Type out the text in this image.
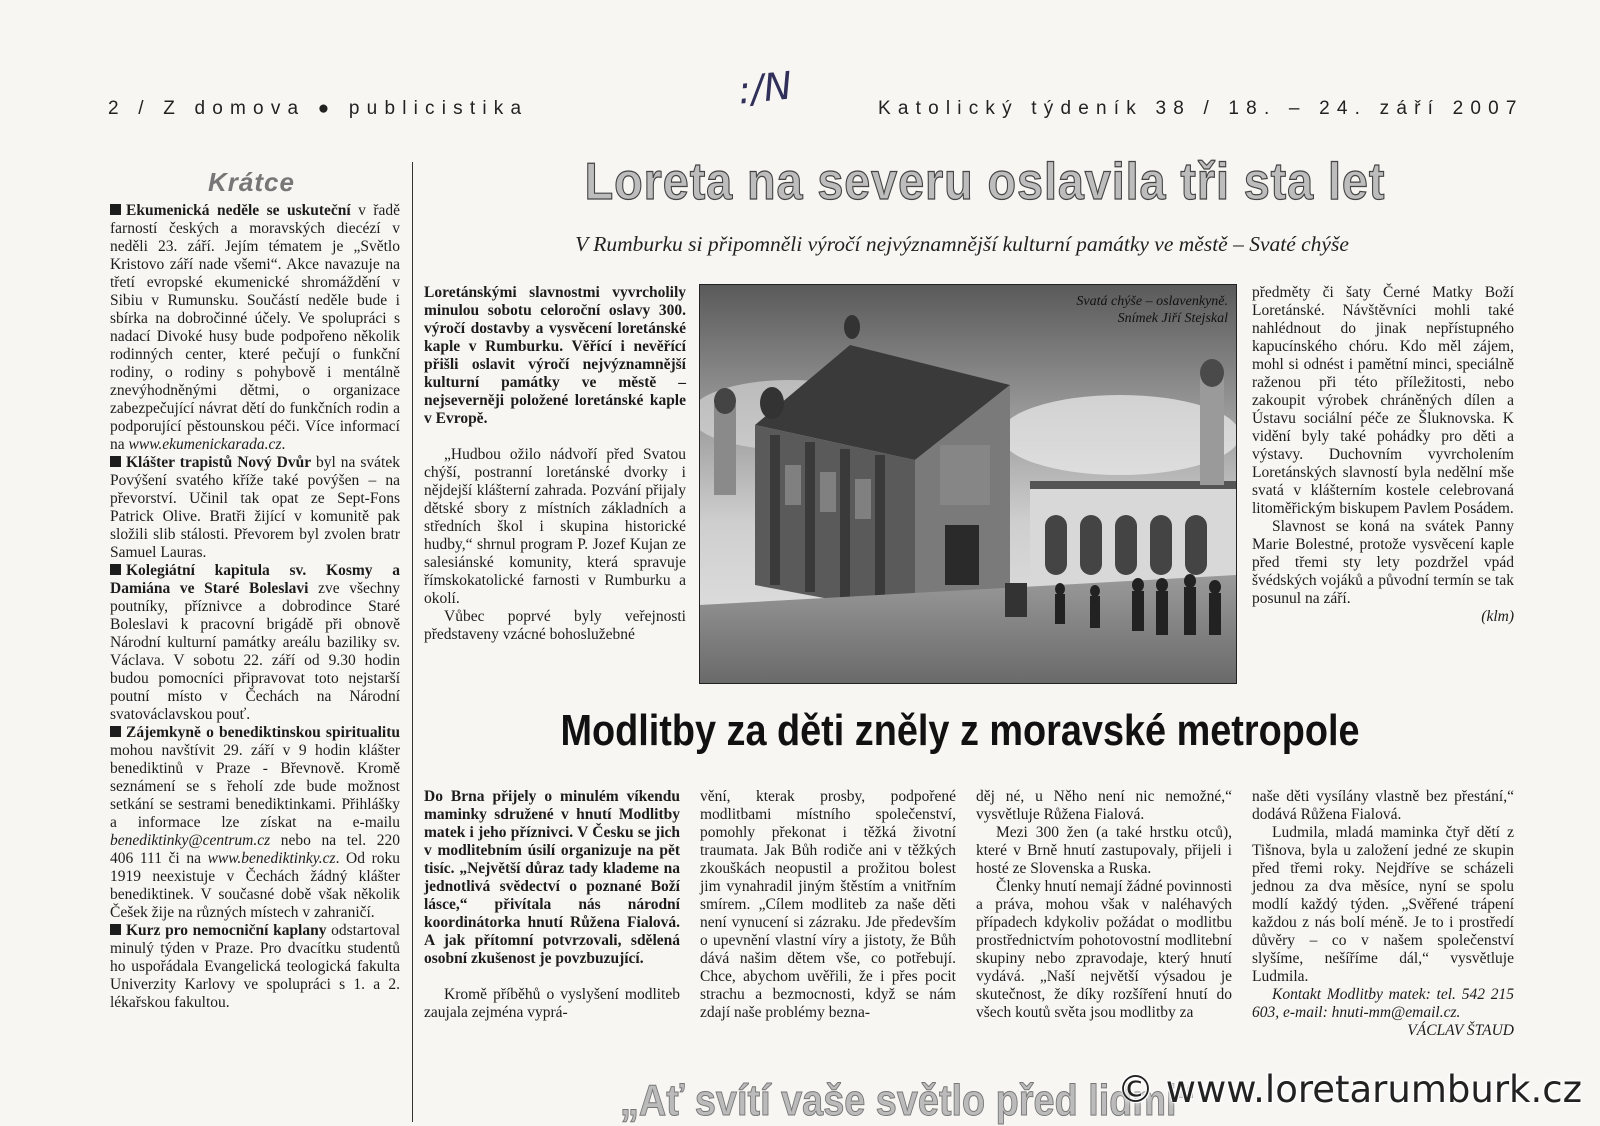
2 / Z domova ● publicistika	:/N	Katolický týdeník 38 / 18. – 24. září 2007
Krátce

Ekumenická neděle se uskuteční v řadě farností českých a moravských diecézí v neděli 23. září. Jejím tématem je „Světlo Kristovo září nade všemi“. Akce navazuje na třetí evropské ekumenické shromáždění v Sibiu v Rumunsku. Součástí neděle bude i sbírka na dobročinné účely. Ve spolupráci s nadací Divoké husy bude podpořeno několik rodinných center, které pečují o funkční rodiny, o rodiny s pohybově i mentálně znevýhodněnými dětmi, o organizace zabezpečující návrat dětí do funkčních rodin a podporující pěstounskou péči. Více informací na www.ekumenickarada.cz.

Klášter trapistů Nový Dvůr byl na svátek Povýšení svatého kříže také povýšen – na převorství. Učinil tak opat ze Sept-Fons Patrick Olive. Bratři žijící v komunitě pak složili slib stálosti. Převorem byl zvolen bratr Samuel Lauras.

Kolegiátní kapitula sv. Kosmy a Damiána ve Staré Boleslavi zve všechny poutníky, příznivce a dobrodince Staré Boleslavi k pracovní brigádě při obnově Národní kulturní památky areálu baziliky sv. Václava. V sobotu 22. září od 9.30 hodin budou pomocníci připravovat toto nejstarší poutní místo v Čechách na Národní svatováclavskou pouť.

Zájemkyně o benediktinskou spiritualitu mohou navštívit 29. září v 9 hodin klášter benediktinů v Praze - Břevnově. Kromě seznámení se s řeholí zde bude možnost setkání se sestrami benediktinkami. Přihlášky a informace lze získat na e-mailu benediktinky@centrum.cz nebo na tel. 220 406 111 či na www.benediktinky.cz. Od roku 1919 neexistuje v Čechách žádný klášter benediktinek. V současné době však několik Češek žije na různých místech v zahraničí.

Kurz pro nemocniční kaplany odstartoval minulý týden v Praze. Pro dvacítku studentů ho uspořádala Evangelická teologická fakulta Univerzity Karlovy ve spolupráci s 1. a 2. lékařskou fakultou.

Loreta na severu oslavila tři sta let
V Rumburku si připomněli výročí nejvýznamnější kulturní památky ve městě – Svaté chýše

Loretánskými slavnostmi vyvrcholily minulou sobotu celoroční oslavy 300. výročí dostavby a vysvěcení loretánské kaple v Rumburku. Věřící i nevěřící přišli oslavit výročí nejvýznamnější kulturní památky ve městě – nejseverněji položené loretánské kaple v Evropě.

„Hudbou ožilo nádvoří před Svatou chýší, postranní loretánské dvorky i nějdejší klášterní zahrada. Pozvání přijaly dětské sbory z místních základních a středních škol i skupina historické hudby,“ shrnul program P. Jozef Kujan ze salesiánské komunity, která spravuje římskokatolické farnosti v Rumburku a okolí.

Vůbec poprvé byly veřejnosti představeny vzácné bohoslužebné

Svatá chýše – oslavenkyně.
Snímek Jiří Stejskal

předměty či šaty Černé Matky Boží Loretánské. Návštěvníci mohli také nahlédnout do jinak nepřístupného kapucínského chóru. Kdo měl zájem, mohl si odnést i pamětní minci, speciálně raženou při této příležitosti, nebo zakoupit výrobek chráněných dílen a Ústavu sociální péče ze Šluknovska. K vidění byly také pohádky pro děti a výstavy. Duchovním vyvrcholením Loretánských slavností byla nedělní mše svatá v klášterním kostele celebrovaná litoměřickým biskupem Pavlem Posádem.

Slavnost se koná na svátek Panny Marie Bolestné, protože vysvěcení kaple před třemi sty lety pozdržel vpád švédských vojáků a původní termín se tak posunul na září.

(klm)

Modlitby za děti zněly z moravské metropole

Do Brna přijely o minulém víkendu maminky sdružené v hnutí Modlitby matek i jeho příznivci. V Česku se jich v modlitebním úsilí organizuje na pět tisíc. „Největší důraz tady klademe na jednotlivá svědectví o poznané Boží lásce,“ přivítala nás národní koordinátorka hnutí Růžena Fialová. A jak přítomní potvrzovali, sdělená osobní zkušenost je povzbuzující.

Kromě příběhů o vyslyšení modliteb zaujala zejména vyprá-

vění, kterak prosby, podpořené modlitbami místního společenství, pomohly překonat i těžká životní traumata. Jak Bůh rodiče ani v těžkých zkouškách neopustil a prožitou bolest jim vynahradil jiným štěstím a vnitřním smírem. „Cílem modliteb za naše děti není vynucení si zázraku. Jde především o upevnění vlastní víry a jistoty, že Bůh dává našim dětem vše, co potřebují. Chce, abychom uvěřili, že i přes pocit strachu a bezmocnosti, když se nám zdají naše problémy bezna-

děj né, u Něho není nic nemožné,“ vysvětluje Růžena Fialová.

Mezi 300 žen (a také hrstku otců), které v Brně hnutí zastupovaly, přijeli i hosté ze Slovenska a Ruska.

Členky hnutí nemají žádné povinnosti a práva, mohou však v naléhavých případech kdykoliv požádat o modlitbu prostřednictvím pohotovostní modlitební skupiny nebo zpravodaje, který hnutí vydává. „Naší největší výsadou je skutečnost, že díky rozšíření hnutí do všech koutů světa jsou modlitby za

naše děti vysílány vlastně bez přestání,“ dodává Růžena Fialová.

Ludmila, mladá maminka čtyř dětí z Tišnova, byla u založení jedné ze skupin před třemi roky. Nejdříve se scházeli jednou za dva měsíce, nyní se spolu modlí každý týden. „Svěřené trápení každou z nás bolí méně. Je to i prostředí důvěry – co v našem společenství slyšíme, nešíříme dál,“ vysvětluje Ludmila.

Kontakt Modlitby matek: tel. 542 215 603, e-mail: hnuti-mm@email.cz.

VÁCLAV ŠTAUD

„Ať svítí vaše světlo před lidmi“
© www.loretarumburk.cz
